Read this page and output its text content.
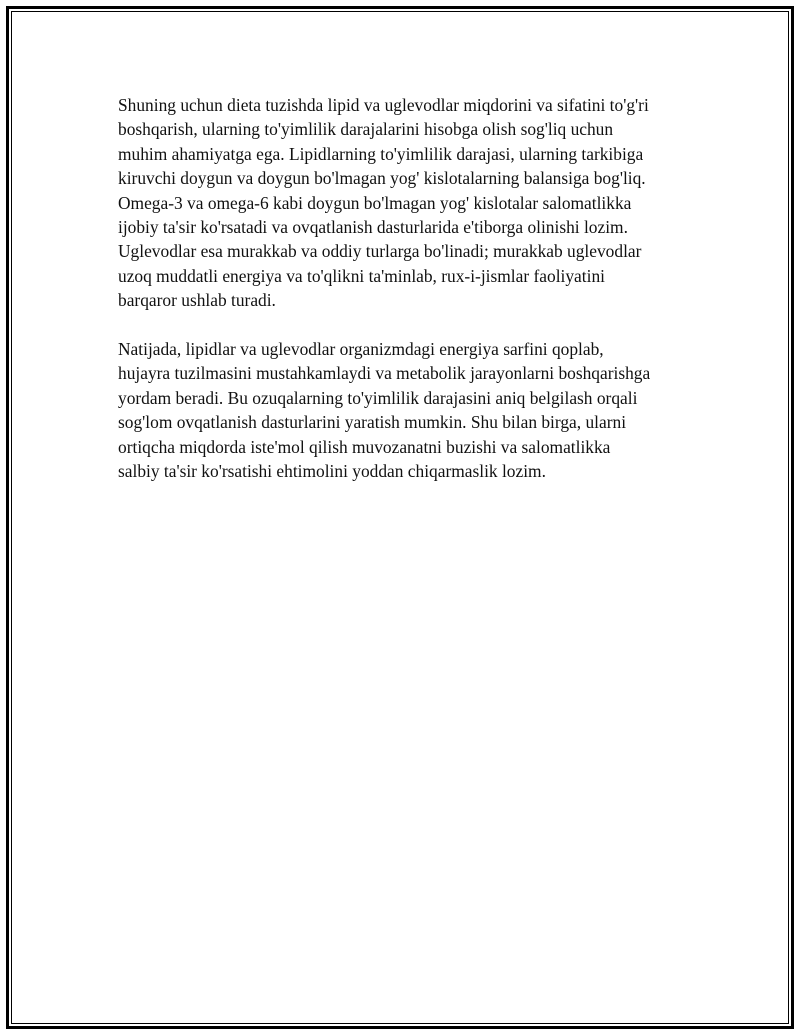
Shuning uchun dieta tuzishda lipid va uglevodlar miqdorini va sifatini to'g'ri
boshqarish, ularning to'yimlilik darajalarini hisobga olish sog'liq uchun
muhim ahamiyatga ega. Lipidlarning to'yimlilik darajasi, ularning tarkibiga
kiruvchi doygun va doygun bo'lmagan yog' kislotalarning balansiga bog'liq.
Omega-3 va omega-6 kabi doygun bo'lmagan yog' kislotalar salomatlikka
ijobiy ta'sir ko'rsatadi va ovqatlanish dasturlarida e'tiborga olinishi lozim.
Uglevodlar esa murakkab va oddiy turlarga bo'linadi; murakkab uglevodlar
uzoq muddatli energiya va to'qlikni ta'minlab, rux-i-jismlar faoliyatini
barqaror ushlab turadi.

Natijada, lipidlar va uglevodlar organizmdagi energiya sarfini qoplab,
hujayra tuzilmasini mustahkamlaydi va metabolik jarayonlarni boshqarishga
yordam beradi. Bu ozuqalarning to'yimlilik darajasini aniq belgilash orqali
sog'lom ovqatlanish dasturlarini yaratish mumkin. Shu bilan birga, ularni
ortiqcha miqdorda iste'mol qilish muvozanatni buzishi va salomatlikka
salbiy ta'sir ko'rsatishi ehtimolini yoddan chiqarmaslik lozim.
